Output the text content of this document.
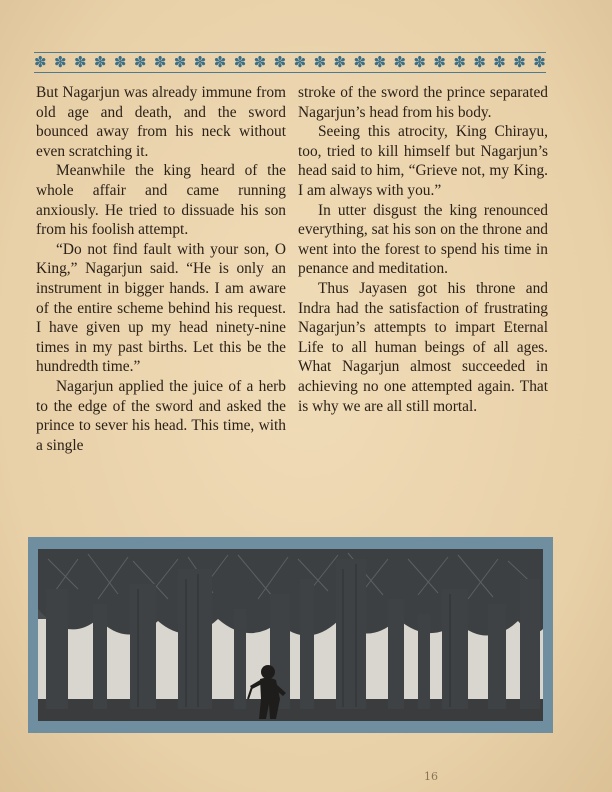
✽ ✽ ✽ ✽ ✽ ✽ ✽ ✽ ✽ ✽ ✽ ✽ ✽ ✽ ✽ ✽ ✽ ✽ ✽ ✽ ✽ ✽ ✽ ✽ ✽ ✽

But Nagarjun was already immune from old age and death, and the sword bounced away from his neck without even scratching it.

Meanwhile the king heard of the whole affair and came running anxiously. He tried to dissuade his son from his foolish attempt.

“Do not find fault with your son, O King,” Nagarjun said. “He is only an instrument in bigger hands. I am aware of the entire scheme behind his request. I have given up my head ninety-nine times in my past births. Let this be the hundredth time.”

Nagarjun applied the juice of a herb to the edge of the sword and asked the prince to sever his head. This time, with a single

stroke of the sword the prince separated Nagarjun’s head from his body.

Seeing this atrocity, King Chirayu, too, tried to kill himself but Nagarjun’s head said to him, “Grieve not, my King. I am always with you.”

In utter disgust the king renounced everything, sat his son on the throne and went into the forest to spend his time in penance and meditation.

Thus Jayasen got his throne and Indra had the satisfaction of frustrating Nagarjun’s attempts to impart Eternal Life to all human beings of all ages. What Nagarjun almost succeeded in achieving no one attempted again. That is why we are all still mortal.

16
